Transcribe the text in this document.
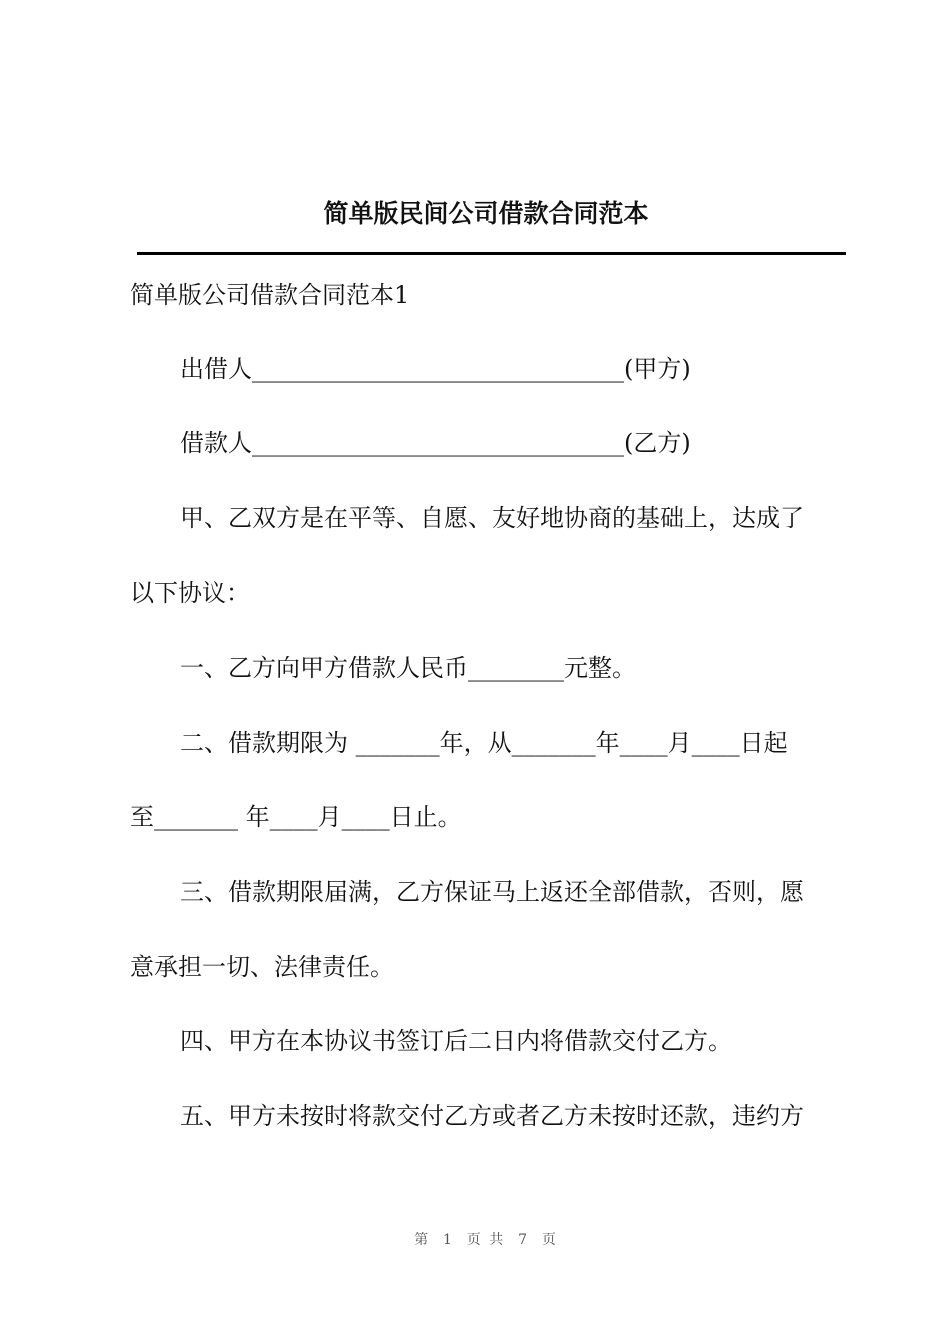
简单版民间公司借款合同范本

简单版公司借款合同范本1

出借人_______________________________(甲方)

借款人_______________________________(乙方)

甲、乙双方是在平等、自愿、友好地协商的基础上，达成了

以下协议：

一、乙方向甲方借款人民币________元整。

二、借款期限为 _______年，从_______年____月____日起

至_______ 年____月____日止。

三、借款期限届满，乙方保证马上返还全部借款，否则，愿

意承担一切、法律责任。

四、甲方在本协议书签订后二日内将借款交付乙方。

五、甲方未按时将款交付乙方或者乙方未按时还款，违约方

第  1  页 共  7  页
